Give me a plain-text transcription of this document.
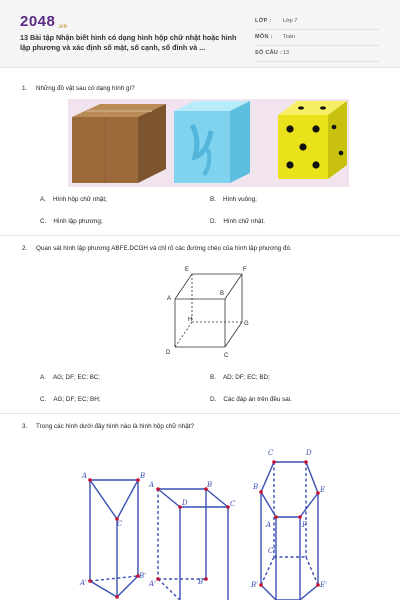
2048 .vn
13 Bài tập Nhận biết hình có dạng hình hộp chữ nhật hoặc hình lập phương và xác định số mặt, số cạnh, số đỉnh và ...
LỚP : Lớp 7
MÔN : Toán
SỐ CÂU : 13
1. Những đồ vật sau có dạng hình gì?
A. Hình hộp chữ nhật;	B. Hình vuông;
C. Hình lập phương;	D. Hình chữ nhật.
2. Quan sát hình lập phương ABFE.DCGH và chỉ rõ các đường chéo của hình lập phương đó.
E	F
A
B
H
G
D	C
A. AG; DF; EC; BC;	B. AD; DF; EC; BD;
C. AG; DF; EC; BH;	D. Các đáp án trên đều sai.
3. Trong các hình dưới đây hình nào là hình hộp chữ nhật?
A	B
C
A'
B'
A	B
D	C
A'	B'
C	D
B	E
A	F
C'
B'	E'
